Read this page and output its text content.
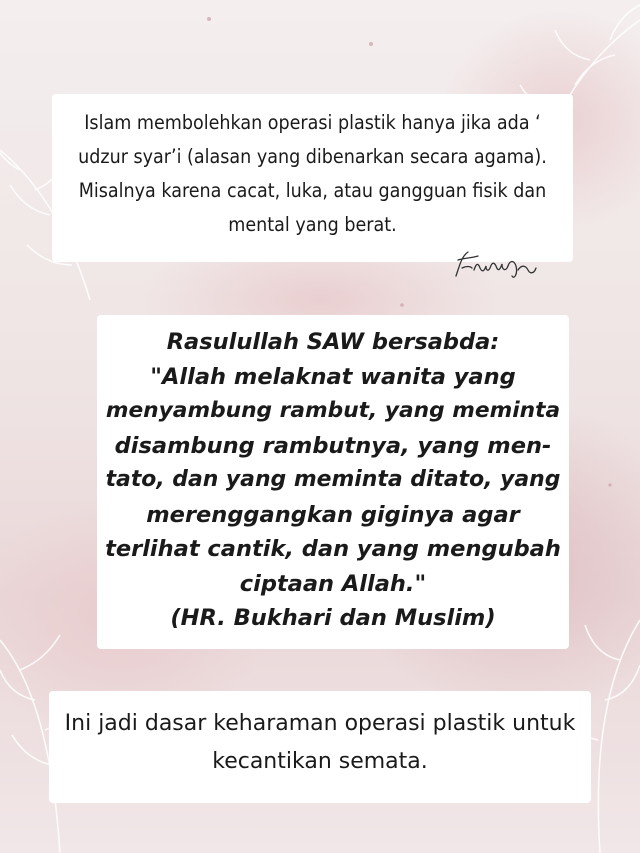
Islam membolehkan operasi plastik hanya jika ada ‘
udzur syar’i (alasan yang dibenarkan secara agama).
Misalnya karena cacat, luka, atau gangguan fisik dan
mental yang berat.
Rasulullah SAW bersabda:
"Allah melaknat wanita yang
menyambung rambut, yang meminta
disambung rambutnya, yang men-
tato, dan yang meminta ditato, yang
merenggangkan giginya agar
terlihat cantik, dan yang mengubah
ciptaan Allah."
(HR. Bukhari dan Muslim)
Ini jadi dasar keharaman operasi plastik untuk
kecantikan semata.
